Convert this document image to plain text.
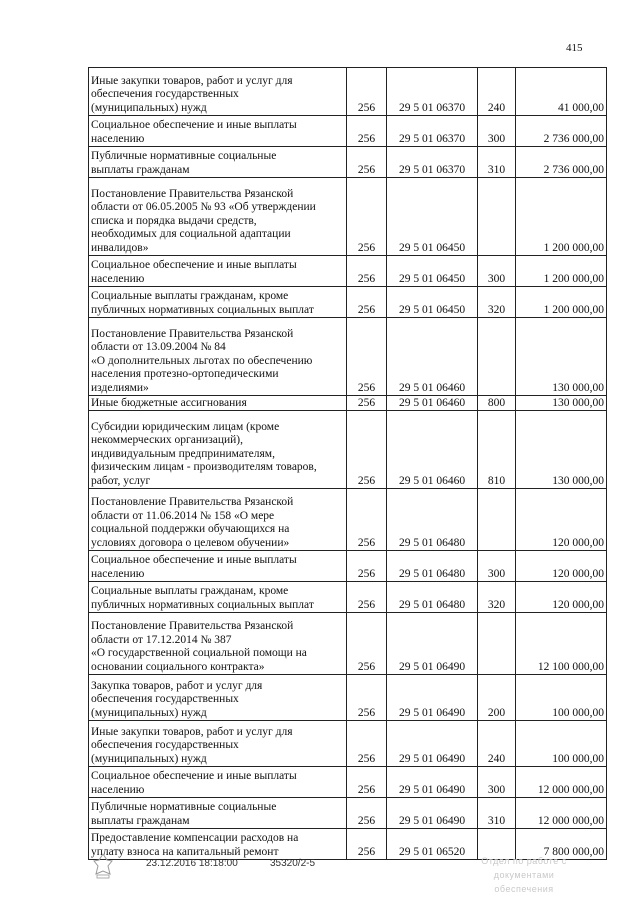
415
Иные закупки товаров, работ и услуг для
обеспечения государственных
(муниципальных) нужд	256	29 5 01 06370	240	41 000,00
Социальное обеспечение и иные выплаты
населению	256	29 5 01 06370	300	2 736 000,00
Публичные нормативные социальные
выплаты гражданам	256	29 5 01 06370	310	2 736 000,00
Постановление Правительства Рязанской
области от 06.05.2005 № 93 «Об утверждении
списка и порядка выдачи средств,
необходимых для социальной адаптации
инвалидов»	256	29 5 01 06450		1 200 000,00
Социальное обеспечение и иные выплаты
населению	256	29 5 01 06450	300	1 200 000,00
Социальные выплаты гражданам, кроме
публичных нормативных социальных выплат	256	29 5 01 06450	320	1 200 000,00
Постановление Правительства Рязанской
области от 13.09.2004 № 84
«О дополнительных льготах по обеспечению
населения протезно-ортопедическими
изделиями»	256	29 5 01 06460		130 000,00
Иные бюджетные ассигнования	256	29 5 01 06460	800	130 000,00
Субсидии юридическим лицам (кроме
некоммерческих организаций),
индивидуальным предпринимателям,
физическим лицам - производителям товаров,
работ, услуг	256	29 5 01 06460	810	130 000,00
Постановление Правительства Рязанской
области от 11.06.2014 № 158 «О мере
социальной поддержки обучающихся на
условиях договора о целевом обучении»	256	29 5 01 06480		120 000,00
Социальное обеспечение и иные выплаты
населению	256	29 5 01 06480	300	120 000,00
Социальные выплаты гражданам, кроме
публичных нормативных социальных выплат	256	29 5 01 06480	320	120 000,00
Постановление Правительства Рязанской
области от 17.12.2014 № 387
«О государственной социальной помощи на
основании социального контракта»	256	29 5 01 06490		12 100 000,00
Закупка товаров, работ и услуг для
обеспечения государственных
(муниципальных) нужд	256	29 5 01 06490	200	100 000,00
Иные закупки товаров, работ и услуг для
обеспечения государственных
(муниципальных) нужд	256	29 5 01 06490	240	100 000,00
Социальное обеспечение и иные выплаты
населению	256	29 5 01 06490	300	12 000 000,00
Публичные нормативные социальные
выплаты гражданам	256	29 5 01 06490	310	12 000 000,00
Предоставление компенсации расходов на
уплату взноса на капитальный ремонт	256	29 5 01 06520		7 800 000,00
23.12.2016 18:18:00	35320/2-5	Отдел по работе с документами
обеспечения
